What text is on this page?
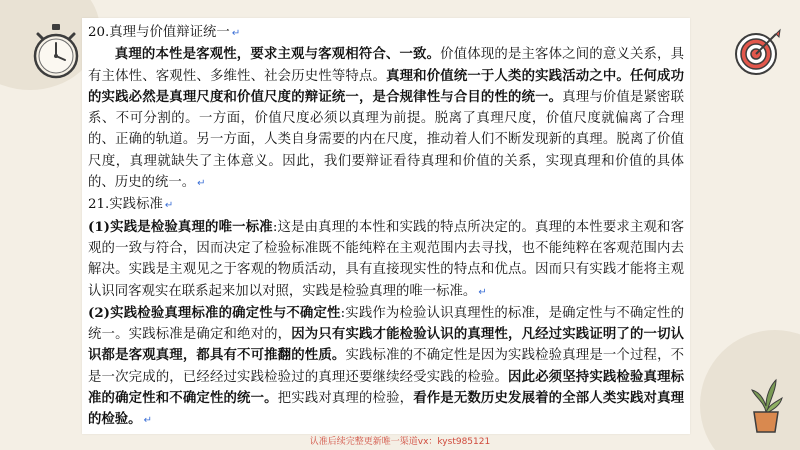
20.真理与价值辩证统一 ↵

真理的本性是客观性，要求主观与客观相符合、一致。价值体现的是主客体之间的意义关系，具有主体性、客观性、多维性、社会历史性等特点。真理和价值统一于人类的实践活动之中。任何成功的实践必然是真理尺度和价值尺度的辩证统一，是合规律性与合目的性的统一。真理与价值是紧密联系、不可分割的。一方面，价值尺度必须以真理为前提。脱离了真理尺度，价值尺度就偏离了合理的、正确的轨道。另一方面，人类自身需要的内在尺度，推动着人们不断发现新的真理。脱离了价值尺度，真理就缺失了主体意义。因此，我们要辩证看待真理和价值的关系，实现真理和价值的具体的、历史的统一。 ↵

21.实践标准 ↵

(1)实践是检验真理的唯一标准:这是由真理的本性和实践的特点所决定的。真理的本性要求主观和客观的一致与符合，因而决定了检验标准既不能纯粹在主观范围内去寻找，也不能纯粹在客观范围内去解决。实践是主观见之于客观的物质活动，具有直接现实性的特点和优点。因而只有实践才能将主观认识同客观实在联系起来加以对照，实践是检验真理的唯一标准。 ↵

(2)实践检验真理标准的确定性与不确定性:实践作为检验认识真理性的标准，是确定性与不确定性的统一。实践标准是确定和绝对的，因为只有实践才能检验认识的真理性，凡经过实践证明了的一切认识都是客观真理，都具有不可推翻的性质。实践标准的不确定性是因为实践检验真理是一个过程，不是一次完成的，已经经过实践检验过的真理还要继续经受实践的检验。因此必须坚持实践检验真理标准的确定性和不确定性的统一。把实践对真理的检验，看作是无数历史发展着的全部人类实践对真理的检验。 ↵

认准后续完整更新唯一渠道vx：kyst985121
